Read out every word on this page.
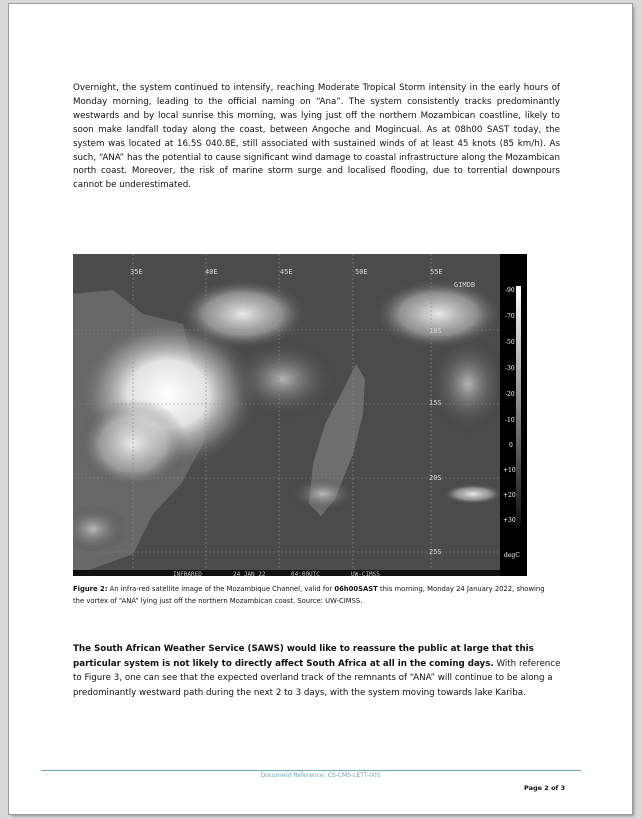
Overnight, the system continued to intensify, reaching Moderate Tropical Storm intensity in the early hours of Monday morning, leading to the official naming on “Ana”. The system consistently tracks predominantly westwards and by local sunrise this morning, was lying just off the northern Mozambican coastline, likely to soon make landfall today along the coast, between Angoche and Mogincual. As at 08h00 SAST today, the system was located at 16.5S 040.8E, still associated with sustained winds of at least 45 knots (85 km/h). As such, “ANA” has the potential to cause significant wind damage to coastal infrastructure along the Mozambican north coast. Moreover, the risk of marine storm surge and localised flooding, due to torrential downpours cannot be underestimated.

GIMDB
35E	40E	45E	50E	55E
10S
15S
20S
25S
-90
-70
-50
-30
-20
-10
0
+10
+20
+30
degC
INFRARED	24 JAN 22	04:00UTC	UW-CIMSS

Figure 2: An infra-red satellite image of the Mozambique Channel, valid for 06h00SAST this morning, Monday 24 January 2022, showing the vortex of “ANA” lying just off the northern Mozambican coast. Source: UW-CIMSS.

The South African Weather Service (SAWS) would like to reassure the public at large that this particular system is not likely to directly affect South Africa at all in the coming days. With reference to Figure 3, one can see that the expected overland track of the remnants of “ANA” will continue to be along a predominantly westward path during the next 2 to 3 days, with the system moving towards lake Kariba.

Document Reference: CS-CMS-LETT-005
Page 2 of 3
